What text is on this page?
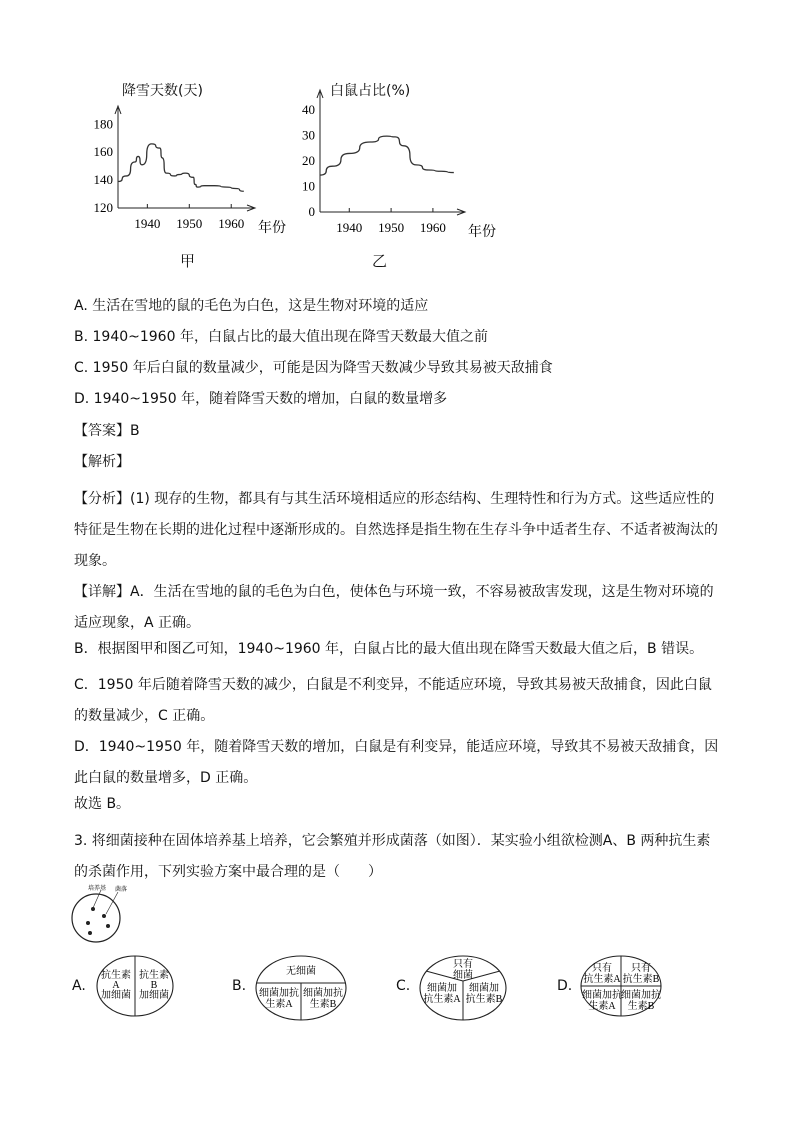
降雪天数(天)
120
140
160
180
1940 1950 1960 年份
甲
白鼠占比(%)
0
10
20
30
40
1940 1950 1960 年份
乙
A. 生活在雪地的鼠的毛色为白色，这是生物对环境的适应
B. 1940~1960 年，白鼠占比的最大值出现在降雪天数最大值之前
C. 1950 年后白鼠的数量减少，可能是因为降雪天数减少导致其易被天敌捕食
D. 1940~1950 年，随着降雪天数的增加，白鼠的数量增多
【答案】B
【解析】
【分析】(1) 现存的生物，都具有与其生活环境相适应的形态结构、生理特性和行为方式。这些适应性的特征是生物在长期的进化过程中逐渐形成的。自然选择是指生物在生存斗争中适者生存、不适者被淘汰的现象。
【详解】A．生活在雪地的鼠的毛色为白色，使体色与环境一致，不容易被敌害发现，这是生物对环境的适应现象，A 正确。
B．根据图甲和图乙可知，1940~1960 年，白鼠占比的最大值出现在降雪天数最大值之后，B 错误。
C．1950 年后随着降雪天数的减少，白鼠是不利变异，不能适应环境，导致其易被天敌捕食，因此白鼠的数量减少，C 正确。
D．1940~1950 年，随着降雪天数的增加，白鼠是有利变异，能适应环境，导致其不易被天敌捕食，因此白鼠的数量增多，D 正确。
故选 B。
3. 将细菌接种在固体培养基上培养，它会繁殖并形成菌落（如图）．某实验小组欲检测A、B 两种抗生素的杀菌作用，下列实验方案中最合理的是（　　）
培养基 菌落
A.
抗生素
A
加细菌
抗生素
B
加细菌
B.
无细菌
细菌加抗
生素A
细菌加抗
生素B
C.
只有
细菌
细菌加
抗生素A
细菌加
抗生素B
D.
只有
抗生素A
只有
抗生素B
细菌加抗
生素A
细菌加抗
生素B
